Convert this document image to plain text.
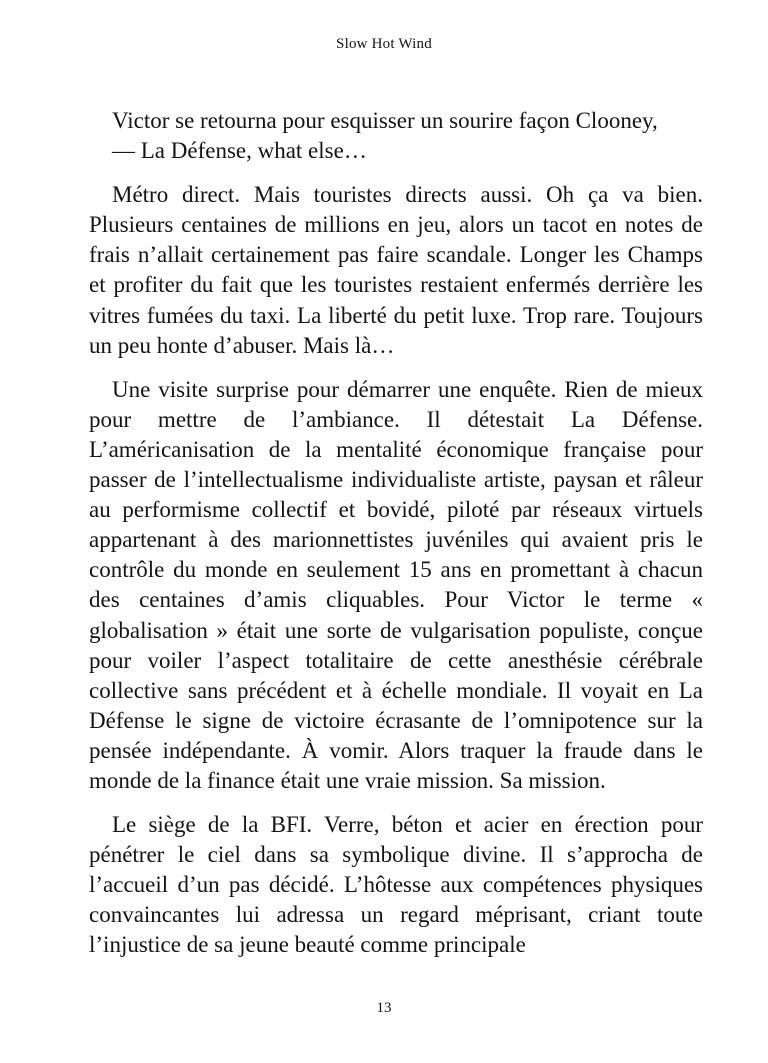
Slow Hot Wind

Victor se retourna pour esquisser un sourire façon Clooney,
— La Défense, what else…

Métro direct. Mais touristes directs aussi. Oh ça va bien. Plusieurs centaines de millions en jeu, alors un tacot en notes de frais n’allait certainement pas faire scandale. Longer les Champs et profiter du fait que les touristes restaient enfermés derrière les vitres fumées du taxi. La liberté du petit luxe. Trop rare. Toujours un peu honte d’abuser. Mais là…

Une visite surprise pour démarrer une enquête. Rien de mieux pour mettre de l’ambiance. Il détestait La Défense. L’américanisation de la mentalité économique française pour passer de l’intellectualisme individualiste artiste, paysan et râleur au performisme collectif et bovidé, piloté par réseaux virtuels appartenant à des marionnettistes juvéniles qui avaient pris le contrôle du monde en seulement 15 ans en promettant à chacun des centaines d’amis cliquables. Pour Victor le terme « globalisation » était une sorte de vulgarisation populiste, conçue pour voiler l’aspect totalitaire de cette anesthésie cérébrale collective sans précédent et à échelle mondiale. Il voyait en La Défense le signe de victoire écrasante de l’omnipotence sur la pensée indépendante. À vomir. Alors traquer la fraude dans le monde de la finance était une vraie mission. Sa mission.

Le siège de la BFI. Verre, béton et acier en érection pour pénétrer le ciel dans sa symbolique divine. Il s’approcha de l’accueil d’un pas décidé. L’hôtesse aux compétences physiques convaincantes lui adressa un regard méprisant, criant toute l’injustice de sa jeune beauté comme principale

13
